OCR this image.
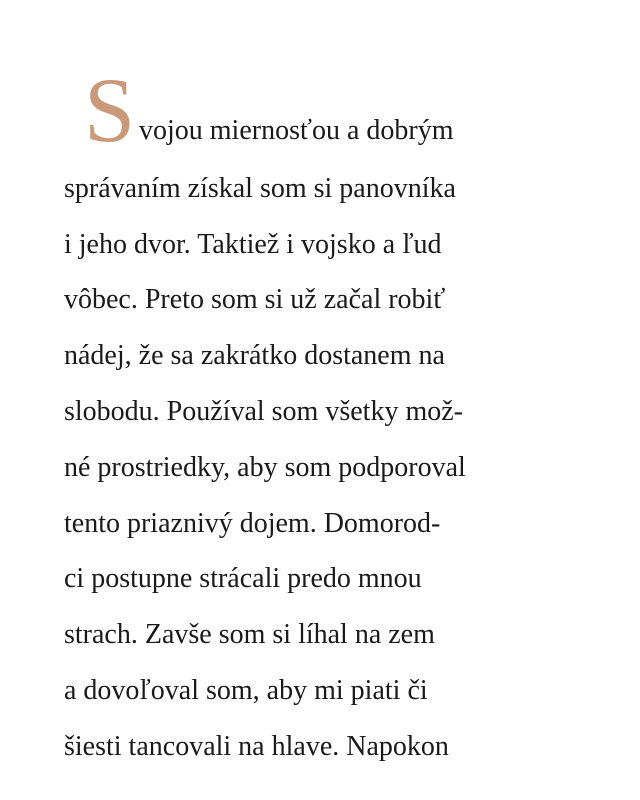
S vojou miernosťou a dobrým
správaním získal som si panovníka
i jeho dvor. Taktiež i vojsko a ľud
vôbec. Preto som si už začal robiť
nádej, že sa zakrátko dostanem na
slobodu. Používal som všetky mož-
né prostriedky, aby som podporoval
tento priaznivý dojem. Domorod-
ci postupne strácali predo mnou
strach. Zavše som si líhal na zem
a dovoľoval som, aby mi piati či
šiesti tancovali na hlave. Napokon
